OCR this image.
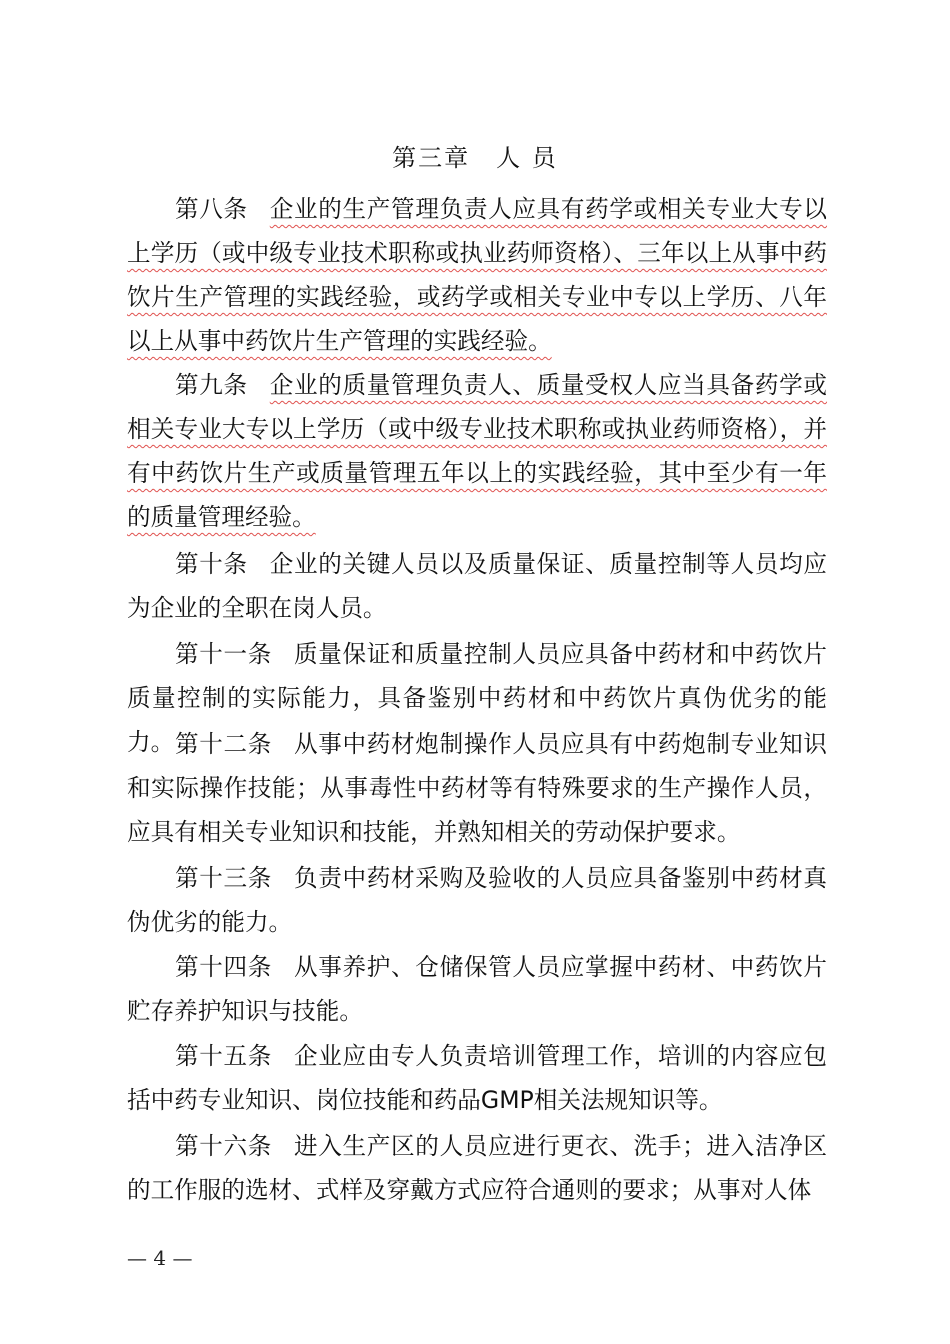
第三章　人 员
第八条 企业的生产管理负责人应具有药学或相关专业大专以上学历（或中级专业技术职称或执业药师资格）、三年以上从事中药饮片生产管理的实践经验，或药学或相关专业中专以上学历、八年以上从事中药饮片生产管理的实践经验。
第九条 企业的质量管理负责人、质量受权人应当具备药学或相关专业大专以上学历（或中级专业技术职称或执业药师资格），并有中药饮片生产或质量管理五年以上的实践经验，其中至少有一年的质量管理经验。
第十条 企业的关键人员以及质量保证、质量控制等人员均应为企业的全职在岗人员。
第十一条 质量保证和质量控制人员应具备中药材和中药饮片质量控制的实际能力，具备鉴别中药材和中药饮片真伪优劣的能力。 第十二条 从事中药材炮制操作人员应具有中药炮制专业知识和实际操作技能；从事毒性中药材等有特殊要求的生产操作人员，应具有相关专业知识和技能，并熟知相关的劳动保护要求。
第十三条 负责中药材采购及验收的人员应具备鉴别中药材真伪优劣的能力。
第十四条 从事养护、仓储保管人员应掌握中药材、中药饮片贮存养护知识与技能。
第十五条 企业应由专人负责培训管理工作，培训的内容应包括中药专业知识、岗位技能和药品GMP相关法规知识等。
第十六条 进入生产区的人员应进行更衣、洗手；进入洁净区的工作服的选材、式样及穿戴方式应符合通则的要求；从事对人体
— 4 —
